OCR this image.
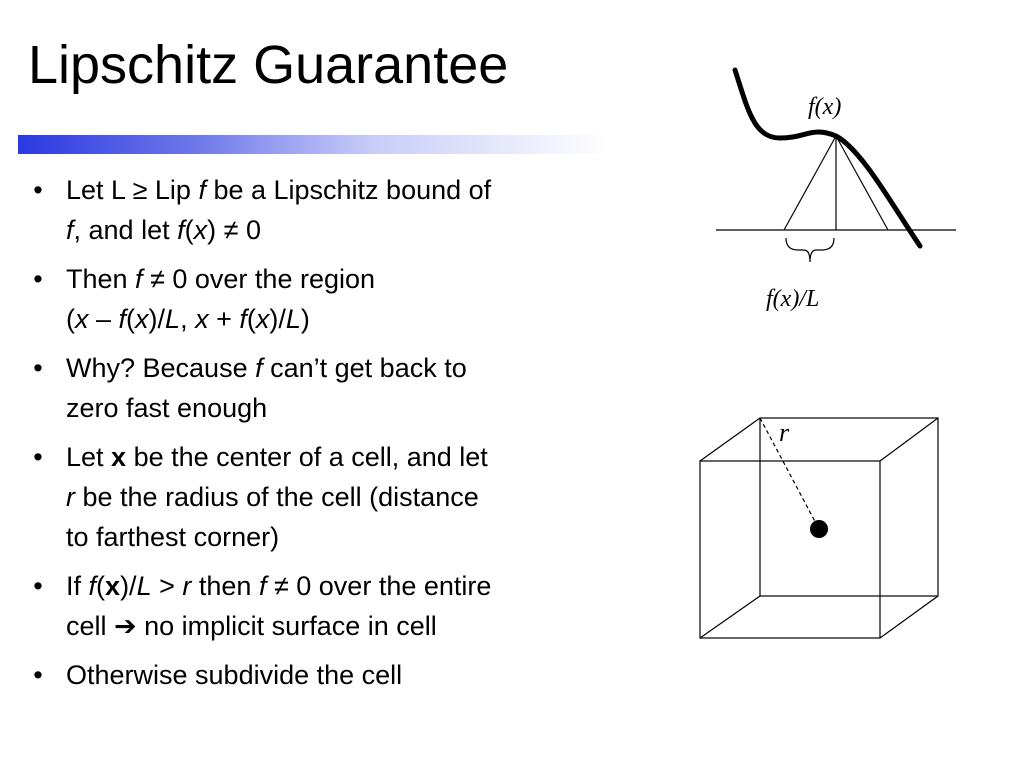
Lipschitz Guarantee
• Let L ≥ Lip f be a Lipschitz bound of
f, and let f(x) ≠ 0
• Then f ≠ 0 over the region
(x – f(x)/L, x + f(x)/L)
• Why? Because f can’t get back to
zero fast enough
• Let x be the center of a cell, and let
r be the radius of the cell (distance
to farthest corner)
• If f(x)/L > r then f ≠ 0 over the entire
cell ➔ no implicit surface in cell
• Otherwise subdivide the cell
f(x)
f(x)/L
r
